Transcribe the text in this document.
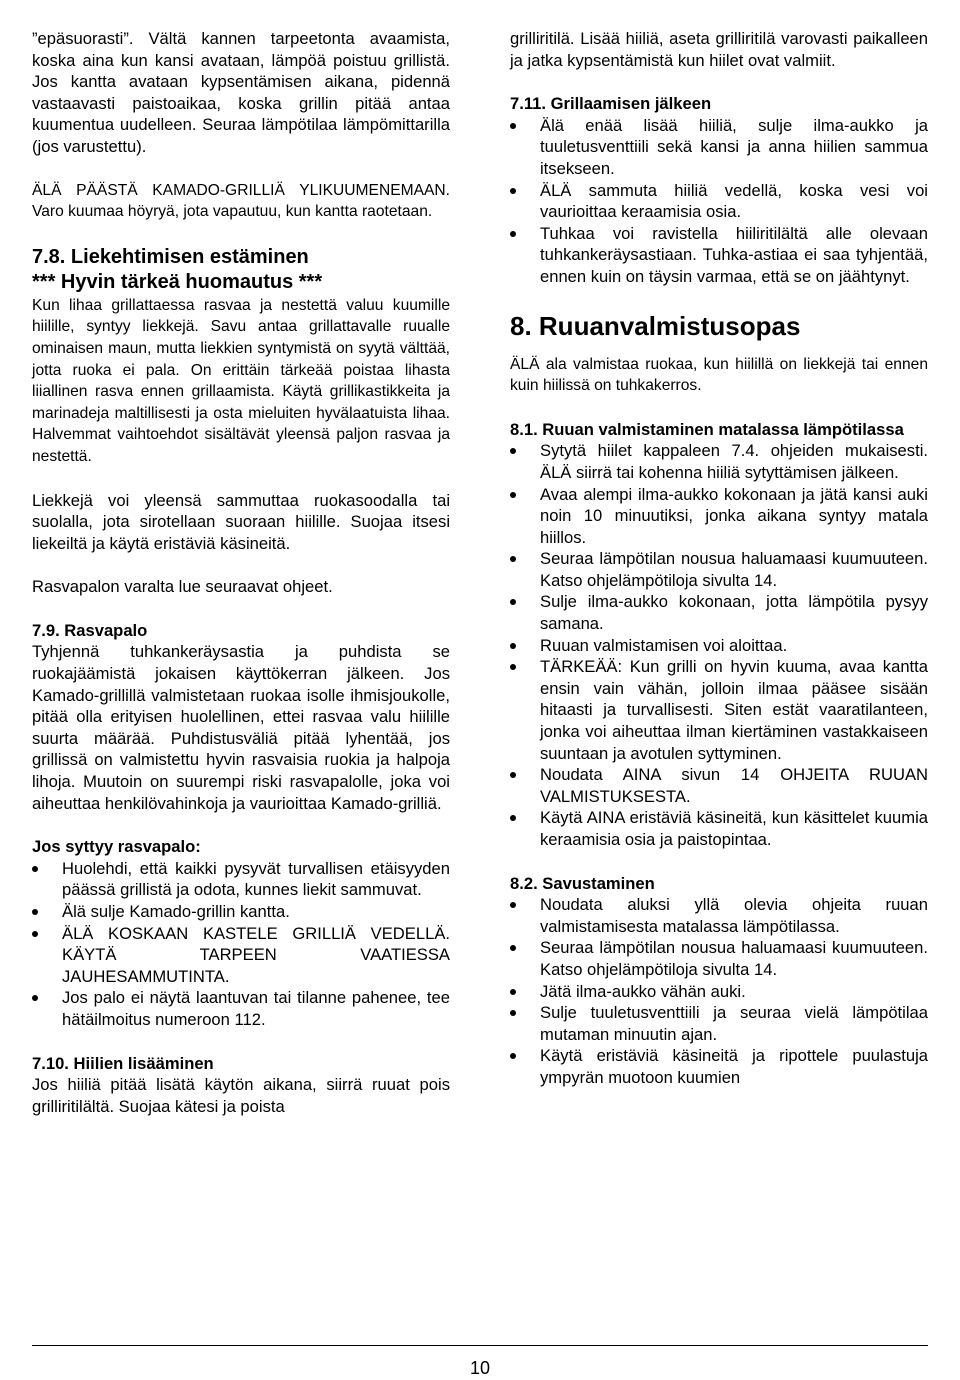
”epäsuorasti”. Vältä kannen tarpeetonta avaamista, koska aina kun kansi avataan, lämpöä poistuu grillistä. Jos kantta avataan kypsentämisen aikana, pidennä vastaavasti paistoaikaa, koska grillin pitää antaa kuumentua uudelleen. Seuraa lämpötilaa lämpömittarilla (jos varustettu).

ÄLÄ PÄÄSTÄ KAMADO-GRILLIÄ YLIKUUMENEMAAN. Varo kuumaa höyryä, jota vapautuu, kun kantta raotetaan.

7.8. Liekehtimisen estäminen
*** Hyvin tärkeä huomautus ***

Kun lihaa grillattaessa rasvaa ja nestettä valuu kuumille hiilille, syntyy liekkejä. Savu antaa grillattavalle ruualle ominaisen maun, mutta liekkien syntymistä on syytä välttää, jotta ruoka ei pala. On erittäin tärkeää poistaa lihasta liiallinen rasva ennen grillaamista. Käytä grillikastikkeita ja marinadeja maltillisesti ja osta mieluiten hyvälaatuista lihaa. Halvemmat vaihtoehdot sisältävät yleensä paljon rasvaa ja nestettä.

Liekkejä voi yleensä sammuttaa ruokasoodalla tai suolalla, jota sirotellaan suoraan hiilille. Suojaa itsesi liekeiltä ja käytä eristäviä käsineitä.

Rasvapalon varalta lue seuraavat ohjeet.

7.9. Rasvapalo

Tyhjennä tuhkankeräysastia ja puhdista se ruokajäämistä jokaisen käyttökerran jälkeen. Jos Kamado-grillillä valmistetaan ruokaa isolle ihmisjoukolle, pitää olla erityisen huolellinen, ettei rasvaa valu hiilille suurta määrää. Puhdistusväliä pitää lyhentää, jos grillissä on valmistettu hyvin rasvaisia ruokia ja halpoja lihoja. Muutoin on suurempi riski rasvapalolle, joka voi aiheuttaa henkilövahinkoja ja vaurioittaa Kamado-grilliä.

Jos syttyy rasvapalo:
Huolehdi, että kaikki pysyvät turvallisen etäisyyden päässä grillistä ja odota, kunnes liekit sammuvat.
Älä sulje Kamado-grillin kantta.
ÄLÄ KOSKAAN KASTELE GRILLIÄ VEDELLÄ. KÄYTÄ TARPEEN VAATIESSA JAUHESAMMUTINTA.
Jos palo ei näytä laantuvan tai tilanne pahenee, tee hätäilmoitus numeroon 112.
7.10. Hiilien lisääminen

Jos hiiliä pitää lisätä käytön aikana, siirrä ruuat pois grilliritilältä. Suojaa kätesi ja poista

grilliritilä. Lisää hiiliä, aseta grilliritilä varovasti paikalleen ja jatka kypsentämistä kun hiilet ovat valmiit.

7.11. Grillaamisen jälkeen
Älä enää lisää hiiliä, sulje ilma-aukko ja tuuletusventtiili sekä kansi ja anna hiilien sammua itsekseen.
ÄLÄ sammuta hiiliä vedellä, koska vesi voi vaurioittaa keraamisia osia.
Tuhkaa voi ravistella hiiliritilältä alle olevaan tuhkankeräysastiaan. Tuhka-astiaa ei saa tyhjentää, ennen kuin on täysin varmaa, että se on jäähtynyt.
8. Ruuanvalmistusopas

ÄLÄ ala valmistaa ruokaa, kun hiilillä on liekkejä tai ennen kuin hiilissä on tuhkakerros.

8.1. Ruuan valmistaminen matalassa lämpötilassa
Sytytä hiilet kappaleen 7.4. ohjeiden mukaisesti. ÄLÄ siirrä tai kohenna hiiliä sytyttämisen jälkeen.
Avaa alempi ilma-aukko kokonaan ja jätä kansi auki noin 10 minuutiksi, jonka aikana syntyy matala hiillos.
Seuraa lämpötilan nousua haluamaasi kuumuuteen. Katso ohjelämpötiloja sivulta 14.
Sulje ilma-aukko kokonaan, jotta lämpötila pysyy samana.
Ruuan valmistamisen voi aloittaa.
TÄRKEÄÄ: Kun grilli on hyvin kuuma, avaa kantta ensin vain vähän, jolloin ilmaa pääsee sisään hitaasti ja turvallisesti. Siten estät vaaratilanteen, jonka voi aiheuttaa ilman kiertäminen vastakkaiseen suuntaan ja avotulen syttyminen.
Noudata AINA sivun 14 OHJEITA RUUAN VALMISTUKSESTA.
Käytä AINA eristäviä käsineitä, kun käsittelet kuumia keraamisia osia ja paistopintaa.
8.2. Savustaminen
Noudata aluksi yllä olevia ohjeita ruuan valmistamisesta matalassa lämpötilassa.
Seuraa lämpötilan nousua haluamaasi kuumuuteen. Katso ohjelämpötiloja sivulta 14.
Jätä ilma-aukko vähän auki.
Sulje tuuletusventtiili ja seuraa vielä lämpötilaa mutaman minuutin ajan.
Käytä eristäviä käsineitä ja ripottele puulastuja ympyrän muotoon kuumien
10
